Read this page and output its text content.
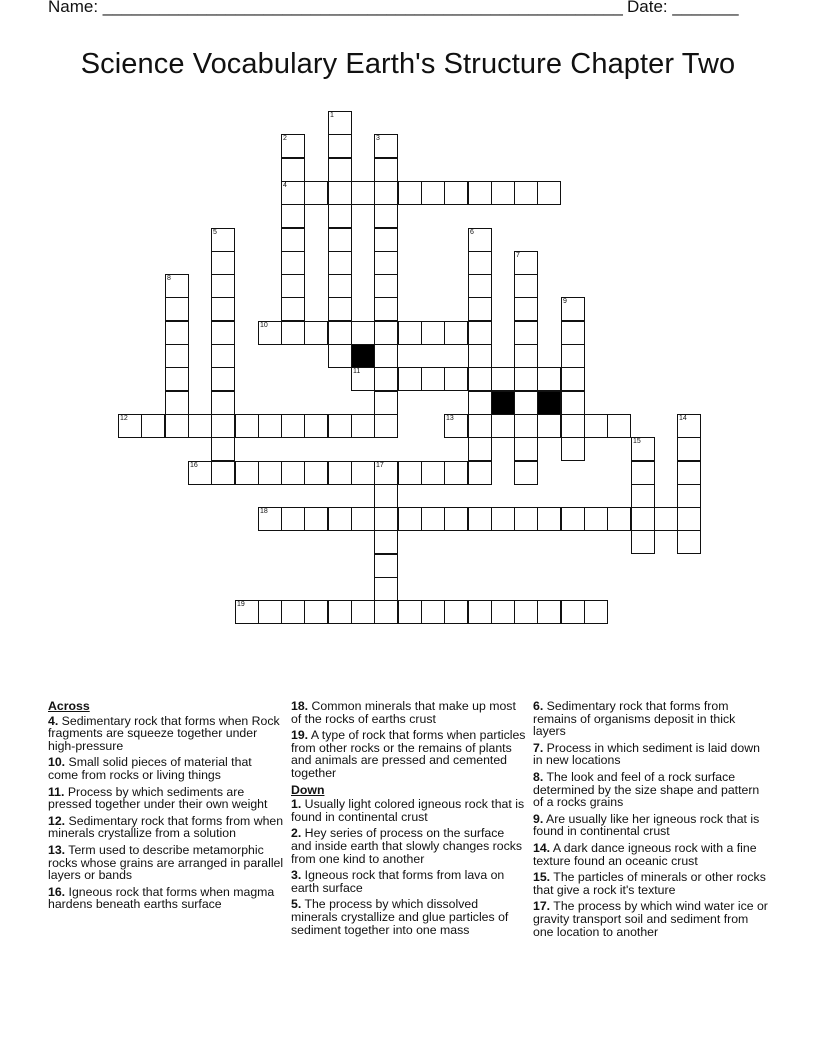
Name: _______________________________________________________ Date: _______
Science Vocabulary Earth's Structure Chapter Two
1
2	3
4
5	6
7
8
9
10
11
12	13	14
15
16	17
18
19
Across
4. Sedimentary rock that forms when Rock fragments are squeeze together under high-pressure
10. Small solid pieces of material that come from rocks or living things
11. Process by which sediments are pressed together under their own weight
12. Sedimentary rock that forms from when minerals crystallize from a solution
13. Term used to describe metamorphic rocks whose grains are arranged in parallel layers or bands
16. Igneous rock that forms when magma hardens beneath earths surface
18. Common minerals that make up most of the rocks of earths crust
19. A type of rock that forms when particles from other rocks or the remains of plants and animals are pressed and cemented together
Down
1. Usually light colored igneous rock that is found in continental crust
2. Hey series of process on the surface and inside earth that slowly changes rocks from one kind to another
3. Igneous rock that forms from lava on earth surface
5. The process by which dissolved minerals crystallize and glue particles of sediment together into one mass
6. Sedimentary rock that forms from remains of organisms deposit in thick layers
7. Process in which sediment is laid down in new locations
8. The look and feel of a rock surface determined by the size shape and pattern of a rocks grains
9. Are usually like her igneous rock that is found in continental crust
14. A dark dance igneous rock with a fine texture found an oceanic crust
15. The particles of minerals or other rocks that give a rock it's texture
17. The process by which wind water ice or gravity transport soil and sediment from one location to another
